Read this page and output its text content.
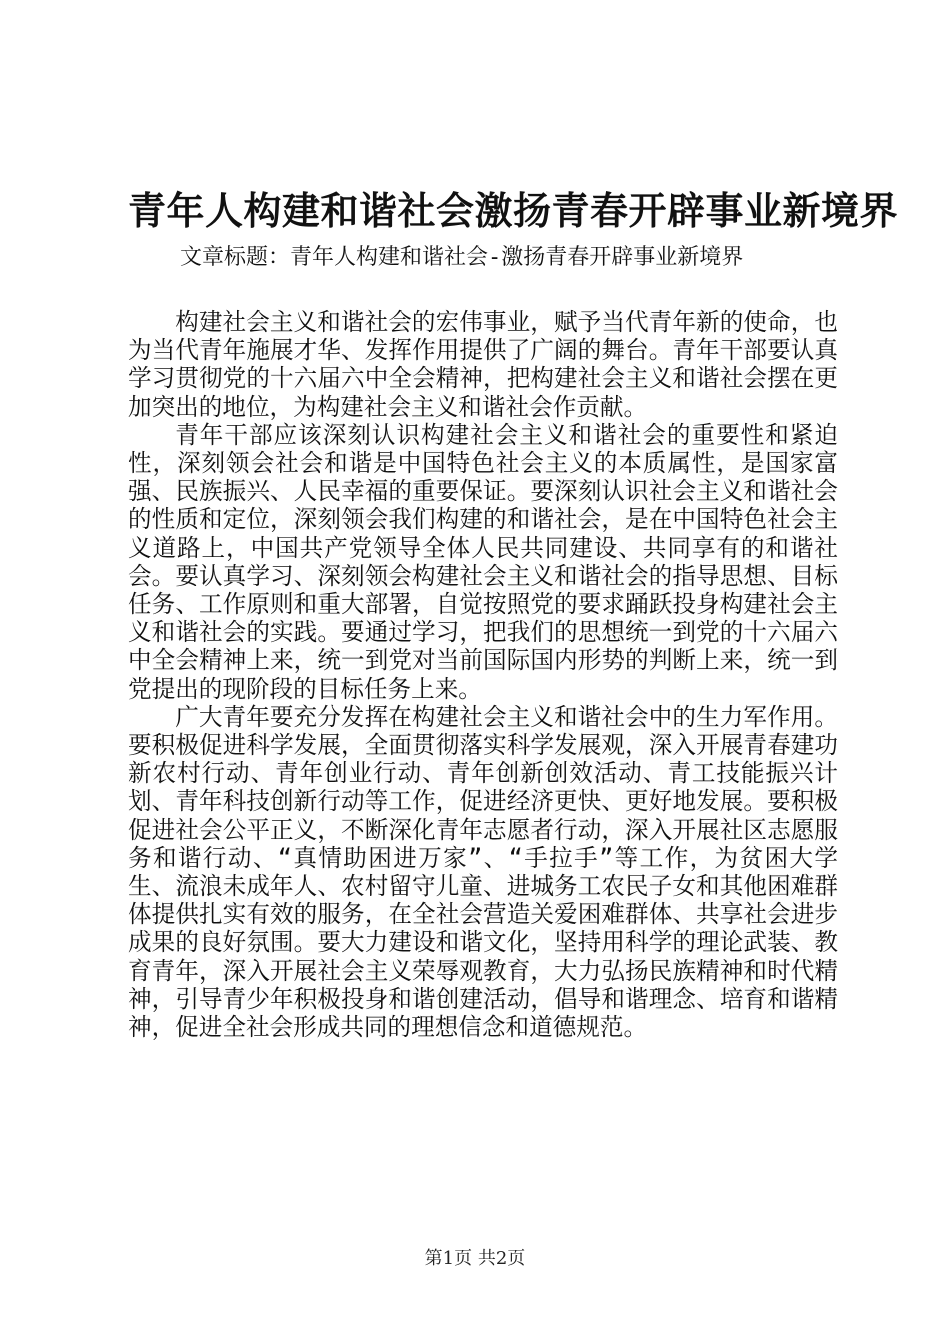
青年人构建和谐社会激扬青春开辟事业新境界
文章标题：青年人构建和谐社会-激扬青春开辟事业新境界

构建社会主义和谐社会的宏伟事业，赋予当代青年新的使命，也为当代青年施展才华、发挥作用提供了广阔的舞台。青年干部要认真学习贯彻党的十六届六中全会精神，把构建社会主义和谐社会摆在更加突出的地位，为构建社会主义和谐社会作贡献。

青年干部应该深刻认识构建社会主义和谐社会的重要性和紧迫性，深刻领会社会和谐是中国特色社会主义的本质属性，是国家富强、民族振兴、人民幸福的重要保证。要深刻认识社会主义和谐社会的性质和定位，深刻领会我们构建的和谐社会，是在中国特色社会主义道路上，中国共产党领导全体人民共同建设、共同享有的和谐社会。要认真学习、深刻领会构建社会主义和谐社会的指导思想、目标任务、工作原则和重大部署，自觉按照党的要求踊跃投身构建社会主义和谐社会的实践。要通过学习，把我们的思想统一到党的十六届六中全会精神上来，统一到党对当前国际国内形势的判断上来，统一到党提出的现阶段的目标任务上来。

广大青年要充分发挥在构建社会主义和谐社会中的生力军作用。要积极促进科学发展，全面贯彻落实科学发展观，深入开展青春建功新农村行动、青年创业行动、青年创新创效活动、青工技能振兴计划、青年科技创新行动等工作，促进经济更快、更好地发展。要积极促进社会公平正义，不断深化青年志愿者行动，深入开展社区志愿服务和谐行动、“真情助困进万家”、“手拉手”等工作，为贫困大学生、流浪未成年人、农村留守儿童、进城务工农民子女和其他困难群体提供扎实有效的服务，在全社会营造关爱困难群体、共享社会进步成果的良好氛围。要大力建设和谐文化，坚持用科学的理论武装、教育青年，深入开展社会主义荣辱观教育，大力弘扬民族精神和时代精神，引导青少年积极投身和谐创建活动，倡导和谐理念、培育和谐精神，促进全社会形成共同的理想信念和道德规范。

第1页 共2页
